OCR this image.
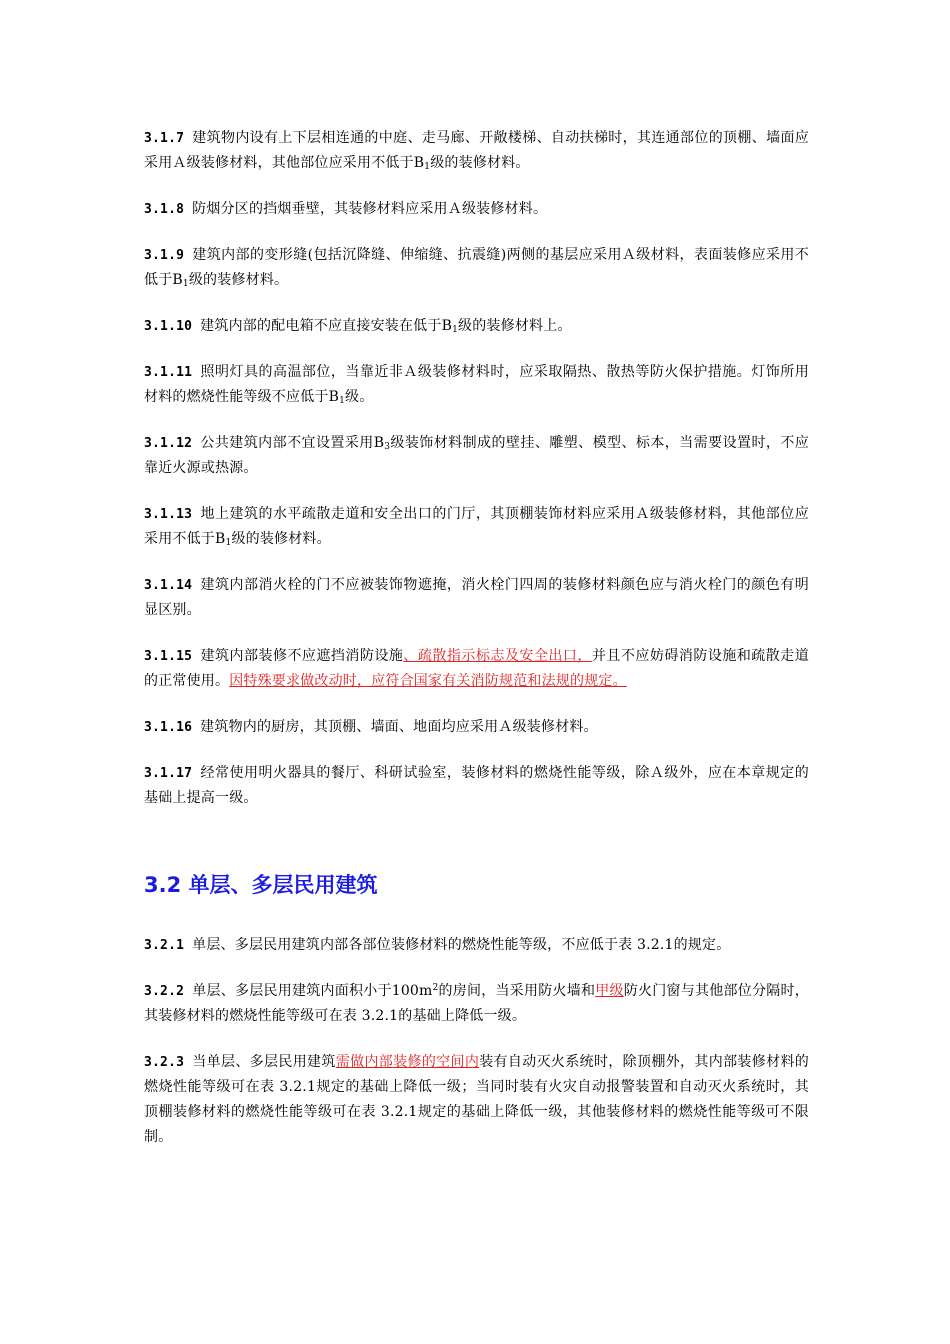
3.1.7 建筑物内设有上下层相连通的中庭、走马廊、开敞楼梯、自动扶梯时，其连通部位的顶棚、墙面应采用Ａ级装修材料，其他部位应采用不低于$B_1$级的装修材料。

3.1.8 防烟分区的挡烟垂壁，其装修材料应采用Ａ级装修材料。

3.1.9 建筑内部的变形缝(包括沉降缝、伸缩缝、抗震缝)两侧的基层应采用Ａ级材料，表面装修应采用不低于$B_1$级的装修材料。

3.1.10 建筑内部的配电箱不应直接安装在低于$B_1$级的装修材料上。

3.1.11 照明灯具的高温部位，当靠近非Ａ级装修材料时，应采取隔热、散热等防火保护措施。灯饰所用材料的燃烧性能等级不应低于$B_1$级。

3.1.12 公共建筑内部不宜设置采用$B_3$级装饰材料制成的壁挂、雕塑、模型、标本，当需要设置时，不应靠近火源或热源。

3.1.13 地上建筑的水平疏散走道和安全出口的门厅，其顶棚装饰材料应采用Ａ级装修材料，其他部位应采用不低于$B_1$级的装修材料。

3.1.14 建筑内部消火栓的门不应被装饰物遮掩，消火栓门四周的装修材料颜色应与消火栓门的颜色有明显区别。

3.1.15 建筑内部装修不应遮挡消防设施、疏散指示标志及安全出口，并且不应妨碍消防设施和疏散走道的正常使用。因特殊要求做改动时，应符合国家有关消防规范和法规的规定。

3.1.16 建筑物内的厨房，其顶棚、墙面、地面均应采用Ａ级装修材料。

3.1.17 经常使用明火器具的餐厅、科研试验室，装修材料的燃烧性能等级，除Ａ级外，应在本章规定的基础上提高一级。

3.2 单层、多层民用建筑

3.2.1 单层、多层民用建筑内部各部位装修材料的燃烧性能等级，不应低于表 3.2.1的规定。

3.2.2 单层、多层民用建筑内面积小于$100m^2$的房间，当采用防火墙和甲级防火门窗与其他部位分隔时，其装修材料的燃烧性能等级可在表 3.2.1的基础上降低一级。

3.2.3 当单层、多层民用建筑需做内部装修的空间内装有自动灭火系统时，除顶棚外，其内部装修材料的燃烧性能等级可在表 3.2.1规定的基础上降低一级；当同时装有火灾自动报警装置和自动灭火系统时，其顶棚装修材料的燃烧性能等级可在表 3.2.1规定的基础上降低一级，其他装修材料的燃烧性能等级可不限制。
